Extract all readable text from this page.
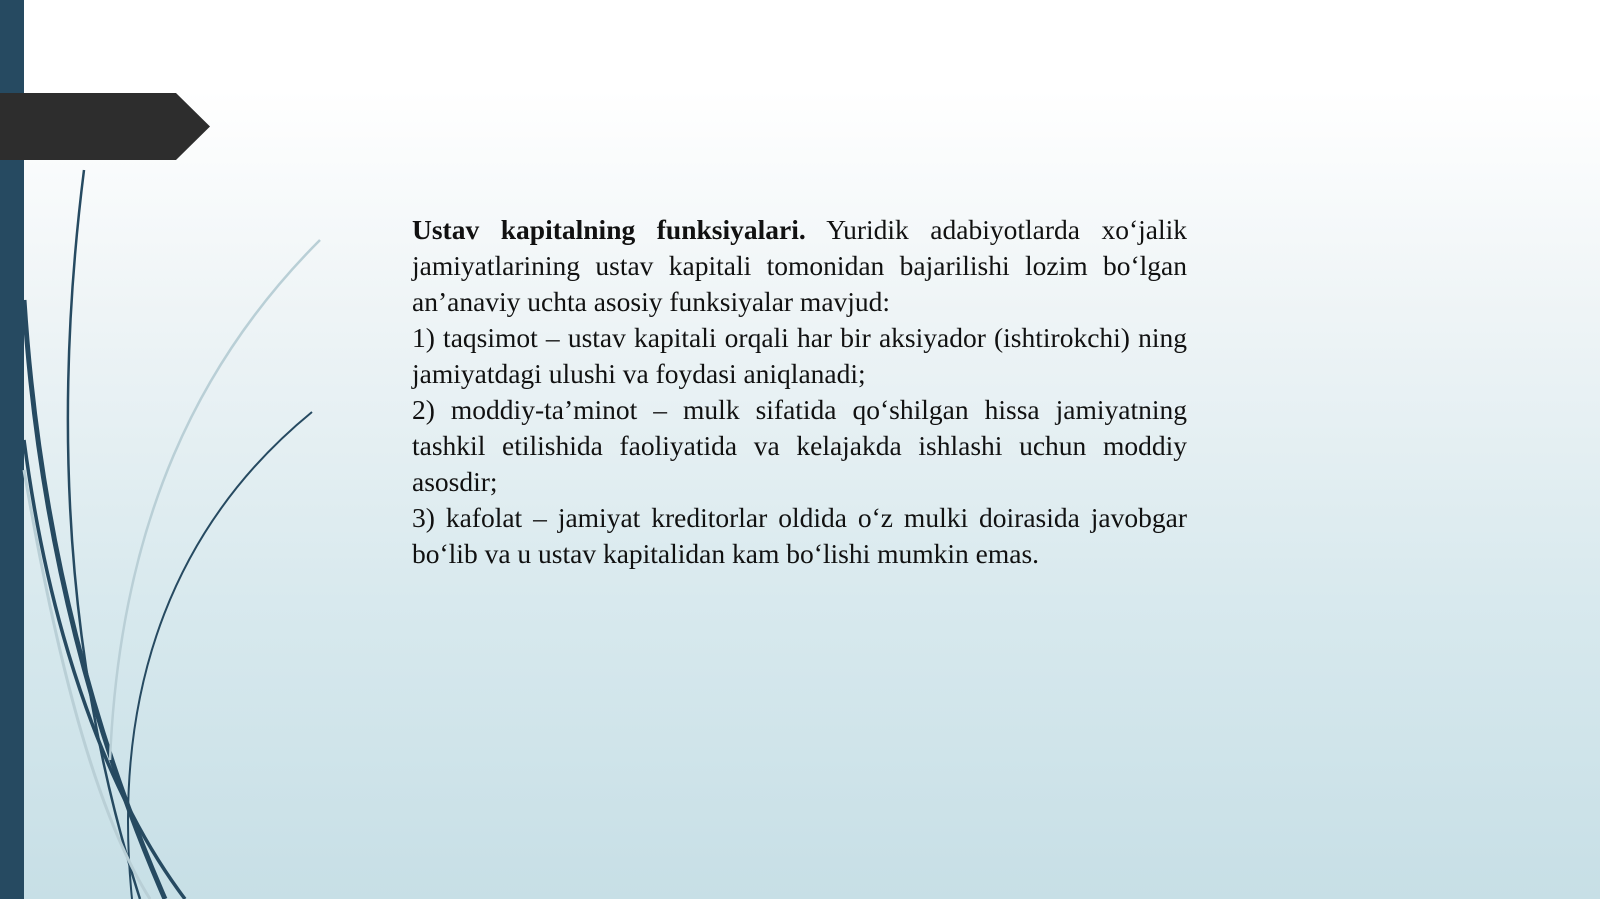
Ustav kapitalning funksiyalari. Yuridik adabiyotlarda xo‘jalik jamiyatlarining ustav kapitali tomonidan bajarilishi lozim bo‘lgan an’anaviy uchta asosiy funksiyalar mavjud:

1) taqsimot – ustav kapitali orqali har bir aksiyador (ishtirokchi) ning jamiyatdagi ulushi va foydasi aniqlanadi;

2) moddiy-ta’minot – mulk sifatida qo‘shilgan hissa jamiyatning tashkil etilishida faoliyatida va kelajakda ishlashi uchun moddiy asosdir;

3) kafolat – jamiyat kreditorlar oldida o‘z mulki doirasida javobgar bo‘lib va u ustav kapitalidan kam bo‘lishi mumkin emas.
